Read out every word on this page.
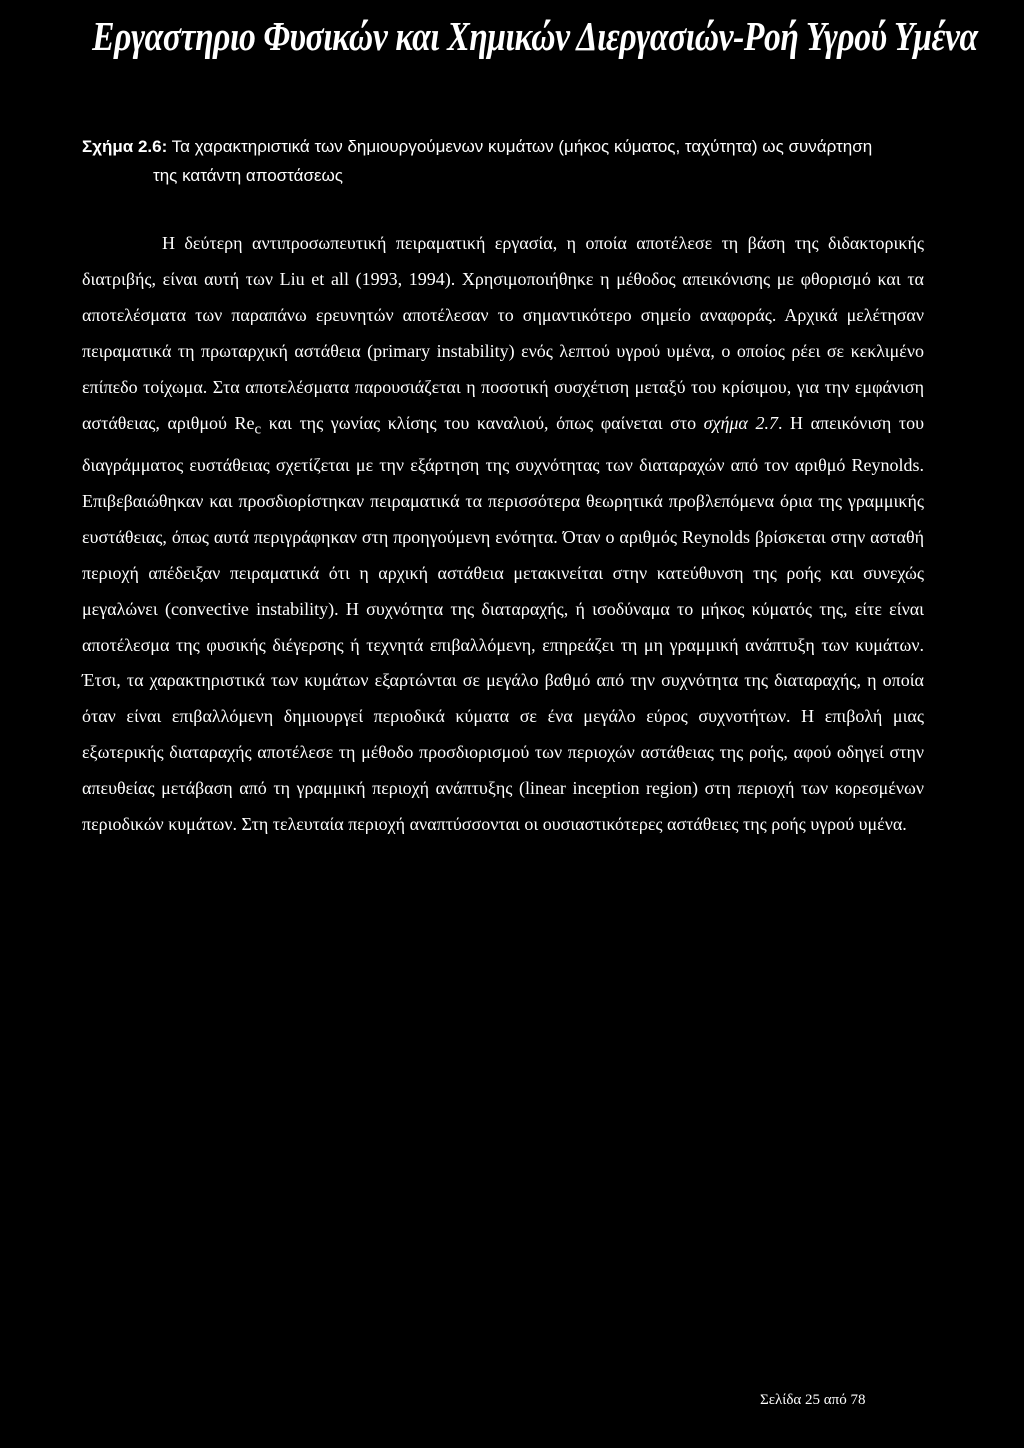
Εργαστηριο Φυσικών και Χημικών Διεργασιών-Ροή Υγρού Υμένα
Σχήμα 2.6: Τα χαρακτηριστικά των δημιουργούμενων κυμάτων (μήκος κύματος, ταχύτητα) ως συνάρτηση
της κατάντη αποστάσεως

Η δεύτερη αντιπροσωπευτική πειραματική εργασία, η οποία αποτέλεσε τη βάση της διδακτορικής διατριβής, είναι αυτή των Liu et all (1993, 1994). Χρησιμοποιήθηκε η μέθοδος απεικόνισης με φθορισμό και τα αποτελέσματα των παραπάνω ερευνητών αποτέλεσαν το σημαντικότερο σημείο αναφοράς. Αρχικά μελέτησαν πειραματικά τη πρωταρχική αστάθεια (primary instability) ενός λεπτού υγρού υμένα, ο οποίος ρέει σε κεκλιμένο επίπεδο τοίχωμα. Στα αποτελέσματα παρουσιάζεται η ποσοτική συσχέτιση μεταξύ του κρίσιμου, για την εμφάνιση αστάθειας, αριθμού $Re_c$ και της γωνίας κλίσης του καναλιού, όπως φαίνεται στο σχήμα 2.7. Η απεικόνιση του διαγράμματος ευστάθειας σχετίζεται με την εξάρτηση της συχνότητας των διαταραχών από τον αριθμό Reynolds. Επιβεβαιώθηκαν και προσδιορίστηκαν πειραματικά τα περισσότερα θεωρητικά προβλεπόμενα όρια της γραμμικής ευστάθειας, όπως αυτά περιγράφηκαν στη προηγούμενη ενότητα. Όταν ο αριθμός Reynolds βρίσκεται στην ασταθή περιοχή απέδειξαν πειραματικά ότι η αρχική αστάθεια μετακινείται στην κατεύθυνση της ροής και συνεχώς μεγαλώνει (convective instability). Η συχνότητα της διαταραχής, ή ισοδύναμα το μήκος κύματός της, είτε είναι αποτέλεσμα της φυσικής διέγερσης ή τεχνητά επιβαλλόμενη, επηρεάζει τη μη γραμμική ανάπτυξη των κυμάτων. Έτσι, τα χαρακτηριστικά των κυμάτων εξαρτώνται σε μεγάλο βαθμό από την συχνότητα της διαταραχής, η οποία όταν είναι επιβαλλόμενη δημιουργεί περιοδικά κύματα σε ένα μεγάλο εύρος συχνοτήτων. Η επιβολή μιας εξωτερικής διαταραχής αποτέλεσε τη μέθοδο προσδιορισμού των περιοχών αστάθειας της ροής, αφού οδηγεί στην απευθείας μετάβαση από τη γραμμική περιοχή ανάπτυξης (linear inception region) στη περιοχή των κορεσμένων περιοδικών κυμάτων. Στη τελευταία περιοχή αναπτύσσονται οι ουσιαστικότερες αστάθειες της ροής υγρού υμένα.

Σελίδα 25 από 78
